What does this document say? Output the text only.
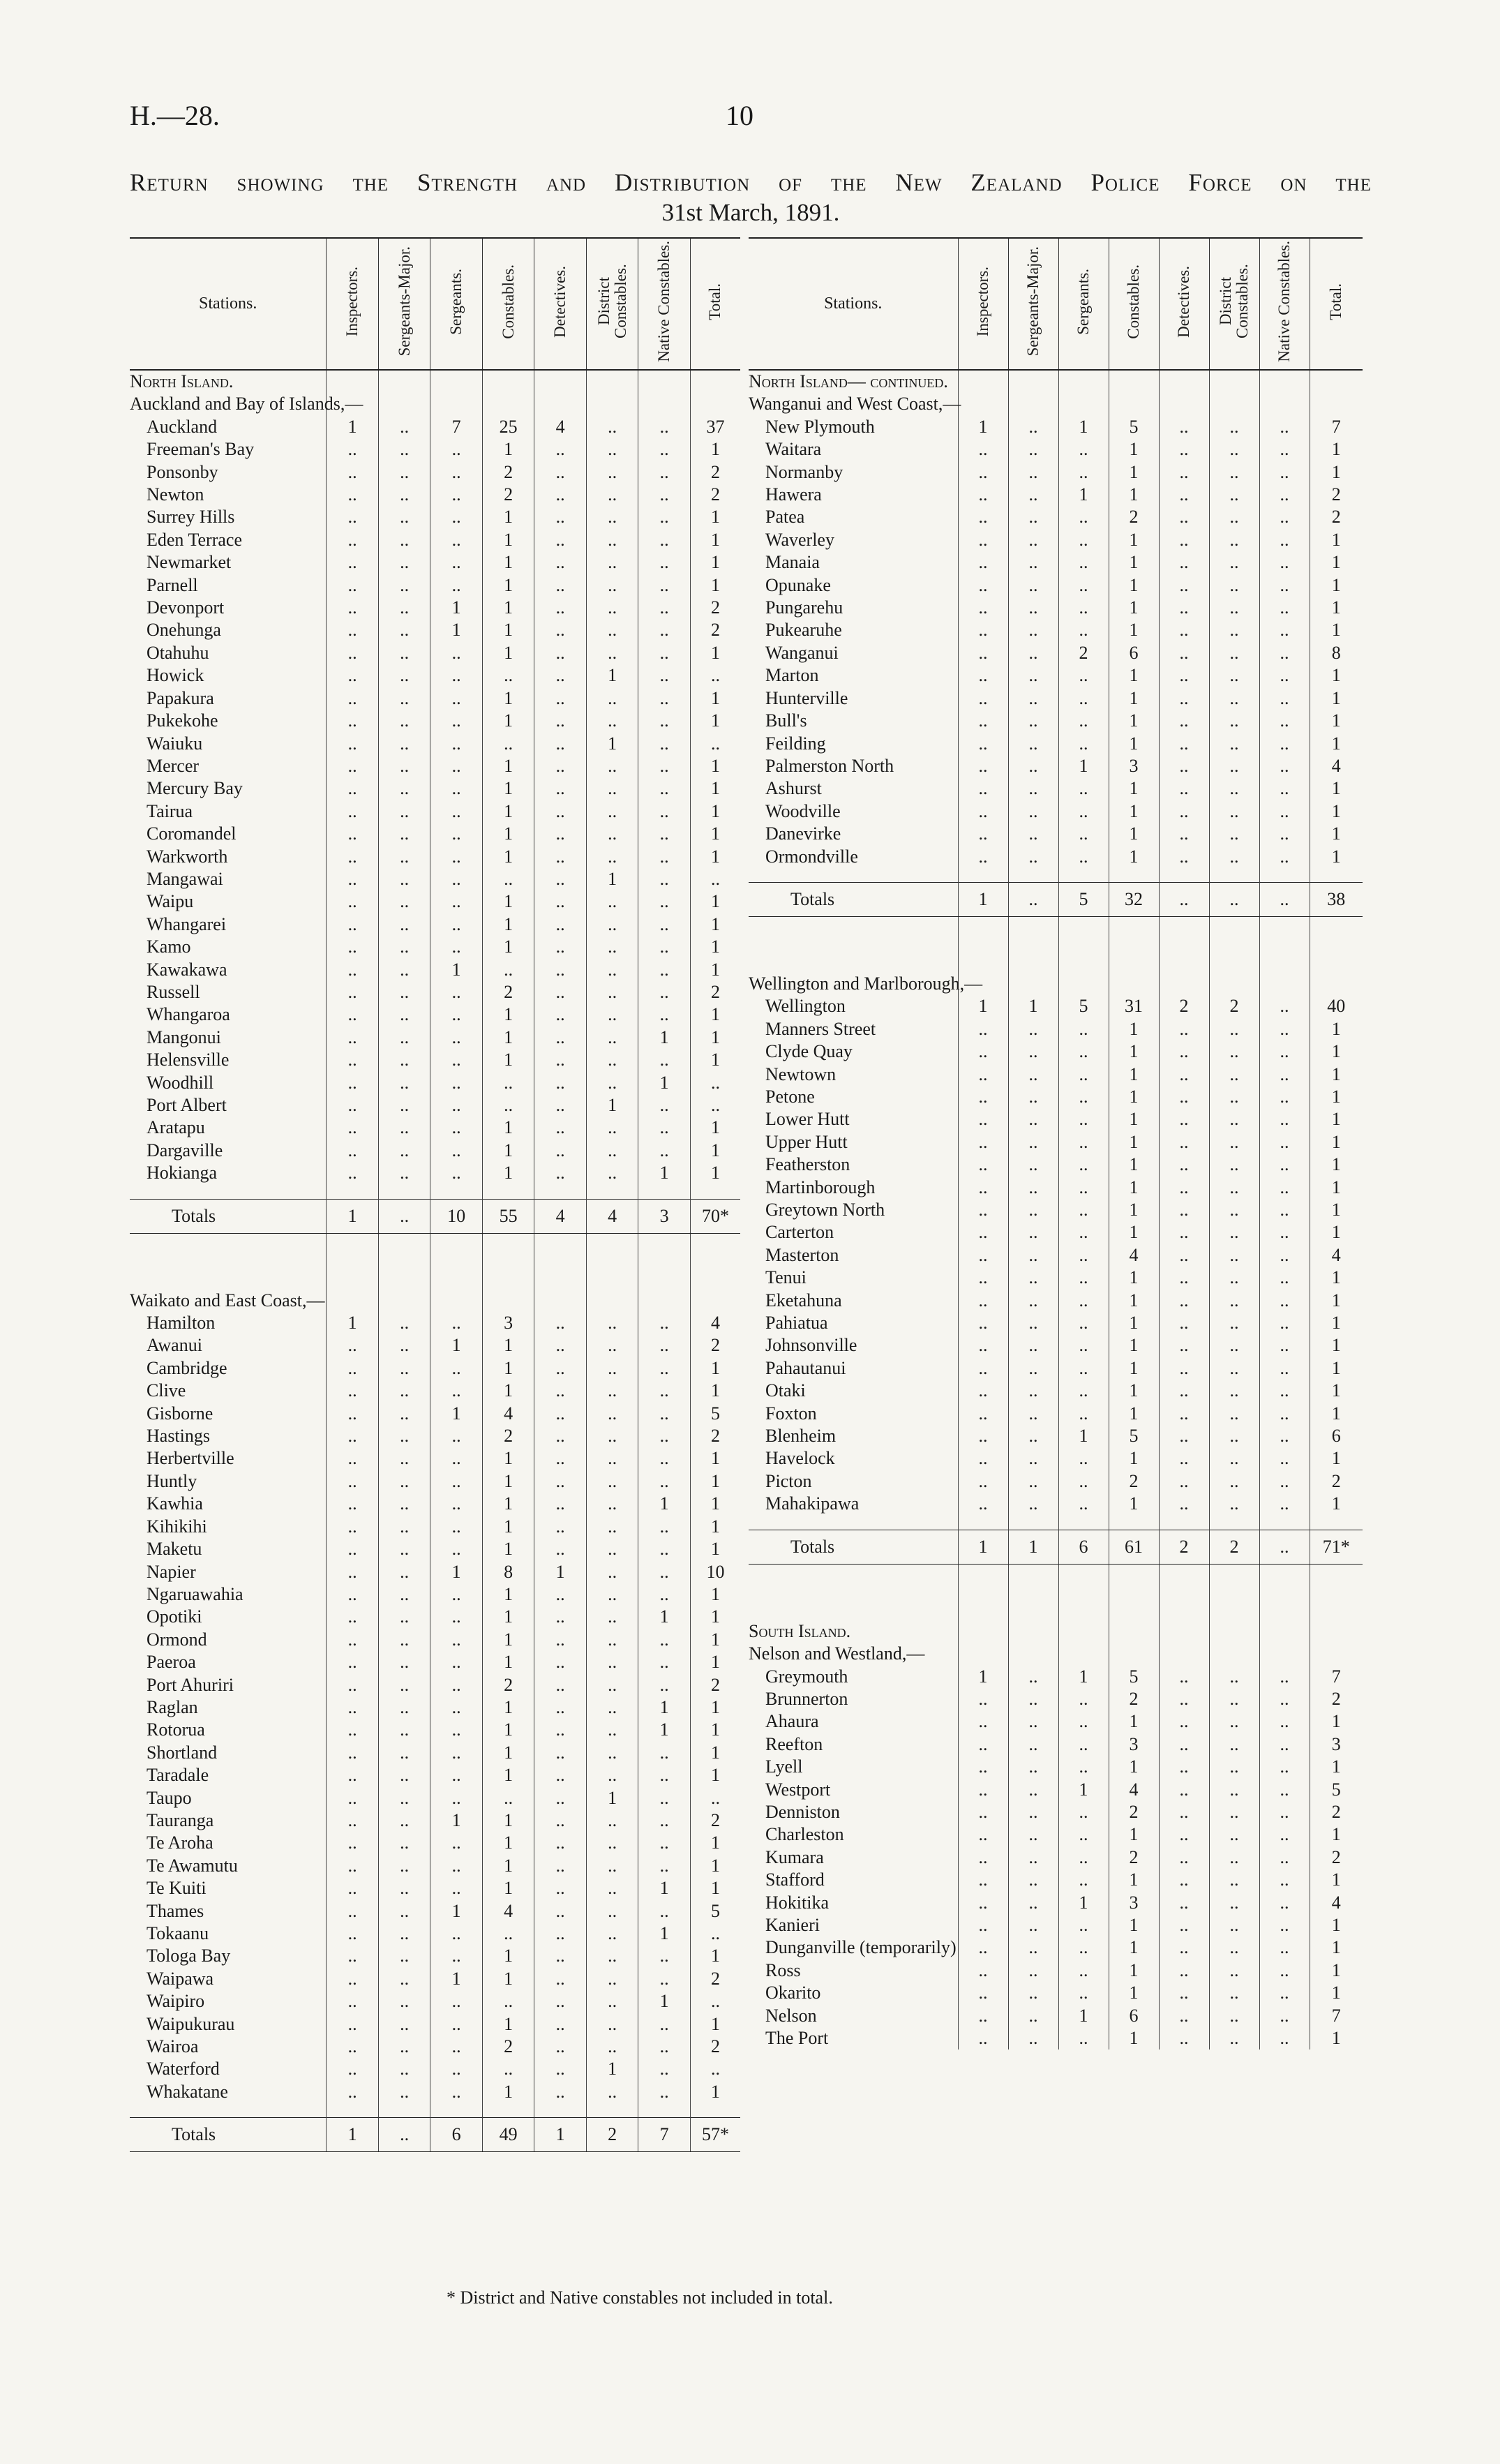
H.—28.	10
Return showing the Strength and Distribution of the New Zealand Police Force on the
31st March, 1891.
Stations.	Inspectors.	Sergeants-Major.	Sergeants.	Constables.	Detectives.	District Constables.	Native Constables.	Total.
North Island.								
Auckland and Bay of Islands,—								
Auckland	1	..	7	25	4	..	..	37
Freeman's Bay	..	..	..	1	..	..	..	1
Ponsonby	..	..	..	2	..	..	..	2
Newton	..	..	..	2	..	..	..	2
Surrey Hills	..	..	..	1	..	..	..	1
Eden Terrace	..	..	..	1	..	..	..	1
Newmarket	..	..	..	1	..	..	..	1
Parnell	..	..	..	1	..	..	..	1
Devonport	..	..	1	1	..	..	..	2
Onehunga	..	..	1	1	..	..	..	2
Otahuhu	..	..	..	1	..	..	..	1
Howick	..	..	..	..	..	1	..	..
Papakura	..	..	..	1	..	..	..	1
Pukekohe	..	..	..	1	..	..	..	1
Waiuku	..	..	..	..	..	1	..	..
Mercer	..	..	..	1	..	..	..	1
Mercury Bay	..	..	..	1	..	..	..	1
Tairua	..	..	..	1	..	..	..	1
Coromandel	..	..	..	1	..	..	..	1
Warkworth	..	..	..	1	..	..	..	1
Mangawai	..	..	..	..	..	1	..	..
Waipu	..	..	..	1	..	..	..	1
Whangarei	..	..	..	1	..	..	..	1
Kamo	..	..	..	1	..	..	..	1
Kawakawa	..	..	1	..	..	..	..	1
Russell	..	..	..	2	..	..	..	2
Whangaroa	..	..	..	1	..	..	..	1
Mangonui	..	..	..	1	..	..	1	1
Helensville	..	..	..	1	..	..	..	1
Woodhill	..	..	..	..	..	..	1	..
Port Albert	..	..	..	..	..	1	..	..
Aratapu	..	..	..	1	..	..	..	1
Dargaville	..	..	..	1	..	..	..	1
Hokianga	..	..	..	1	..	..	1	1

Totals	1	..	10	55	4	4	3	70*

Waikato and East Coast,—								
Hamilton	1	..	..	3	..	..	..	4
Awanui	..	..	1	1	..	..	..	2
Cambridge	..	..	..	1	..	..	..	1
Clive	..	..	..	1	..	..	..	1
Gisborne	..	..	1	4	..	..	..	5
Hastings	..	..	..	2	..	..	..	2
Herbertville	..	..	..	1	..	..	..	1
Huntly	..	..	..	1	..	..	..	1
Kawhia	..	..	..	1	..	..	1	1
Kihikihi	..	..	..	1	..	..	..	1
Maketu	..	..	..	1	..	..	..	1
Napier	..	..	1	8	1	..	..	10
Ngaruawahia	..	..	..	1	..	..	..	1
Opotiki	..	..	..	1	..	..	1	1
Ormond	..	..	..	1	..	..	..	1
Paeroa	..	..	..	1	..	..	..	1
Port Ahuriri	..	..	..	2	..	..	..	2
Raglan	..	..	..	1	..	..	1	1
Rotorua	..	..	..	1	..	..	1	1
Shortland	..	..	..	1	..	..	..	1
Taradale	..	..	..	1	..	..	..	1
Taupo	..	..	..	..	..	1	..	..
Tauranga	..	..	1	1	..	..	..	2
Te Aroha	..	..	..	1	..	..	..	1
Te Awamutu	..	..	..	1	..	..	..	1
Te Kuiti	..	..	..	1	..	..	1	1
Thames	..	..	1	4	..	..	..	5
Tokaanu	..	..	..	..	..	..	1	..
Tologa Bay	..	..	..	1	..	..	..	1
Waipawa	..	..	1	1	..	..	..	2
Waipiro	..	..	..	..	..	..	1	..
Waipukurau	..	..	..	1	..	..	..	1
Wairoa	..	..	..	2	..	..	..	2
Waterford	..	..	..	..	..	1	..	..
Whakatane	..	..	..	1	..	..	..	1

Totals	1	..	6	49	1	2	7	57*
Stations.	Inspectors.	Sergeants-Major.	Sergeants.	Constables.	Detectives.	District Constables.	Native Constables.	Total.
North Island— continued.								
Wanganui and West Coast,—								
New Plymouth	1	..	1	5	..	..	..	7
Waitara	..	..	..	1	..	..	..	1
Normanby	..	..	..	1	..	..	..	1
Hawera	..	..	1	1	..	..	..	2
Patea	..	..	..	2	..	..	..	2
Waverley	..	..	..	1	..	..	..	1
Manaia	..	..	..	1	..	..	..	1
Opunake	..	..	..	1	..	..	..	1
Pungarehu	..	..	..	1	..	..	..	1
Pukearuhe	..	..	..	1	..	..	..	1
Wanganui	..	..	2	6	..	..	..	8
Marton	..	..	..	1	..	..	..	1
Hunterville	..	..	..	1	..	..	..	1
Bull's	..	..	..	1	..	..	..	1
Feilding	..	..	..	1	..	..	..	1
Palmerston North	..	..	1	3	..	..	..	4
Ashurst	..	..	..	1	..	..	..	1
Woodville	..	..	..	1	..	..	..	1
Danevirke	..	..	..	1	..	..	..	1
Ormondville	..	..	..	1	..	..	..	1

Totals	1	..	5	32	..	..	..	38

Wellington and Marlborough,—								
Wellington	1	1	5	31	2	2	..	40
Manners Street	..	..	..	1	..	..	..	1
Clyde Quay	..	..	..	1	..	..	..	1
Newtown	..	..	..	1	..	..	..	1
Petone	..	..	..	1	..	..	..	1
Lower Hutt	..	..	..	1	..	..	..	1
Upper Hutt	..	..	..	1	..	..	..	1
Featherston	..	..	..	1	..	..	..	1
Martinborough	..	..	..	1	..	..	..	1
Greytown North	..	..	..	1	..	..	..	1
Carterton	..	..	..	1	..	..	..	1
Masterton	..	..	..	4	..	..	..	4
Tenui	..	..	..	1	..	..	..	1
Eketahuna	..	..	..	1	..	..	..	1
Pahiatua	..	..	..	1	..	..	..	1
Johnsonville	..	..	..	1	..	..	..	1
Pahautanui	..	..	..	1	..	..	..	1
Otaki	..	..	..	1	..	..	..	1
Foxton	..	..	..	1	..	..	..	1
Blenheim	..	..	1	5	..	..	..	6
Havelock	..	..	..	1	..	..	..	1
Picton	..	..	..	2	..	..	..	2
Mahakipawa	..	..	..	1	..	..	..	1

Totals	1	1	6	61	2	2	..	71*

South Island.								
Nelson and Westland,—								
Greymouth	1	..	1	5	..	..	..	7
Brunnerton	..	..	..	2	..	..	..	2
Ahaura	..	..	..	1	..	..	..	1
Reefton	..	..	..	3	..	..	..	3
Lyell	..	..	..	1	..	..	..	1
Westport	..	..	1	4	..	..	..	5
Denniston	..	..	..	2	..	..	..	2
Charleston	..	..	..	1	..	..	..	1
Kumara	..	..	..	2	..	..	..	2
Stafford	..	..	..	1	..	..	..	1
Hokitika	..	..	1	3	..	..	..	4
Kanieri	..	..	..	1	..	..	..	1
Dunganville (temporarily)	..	..	..	1	..	..	..	1
Ross	..	..	..	1	..	..	..	1
Okarito	..	..	..	1	..	..	..	1
Nelson	..	..	1	6	..	..	..	7
The Port	..	..	..	1	..	..	..	1
* District and Native constables not included in total.
